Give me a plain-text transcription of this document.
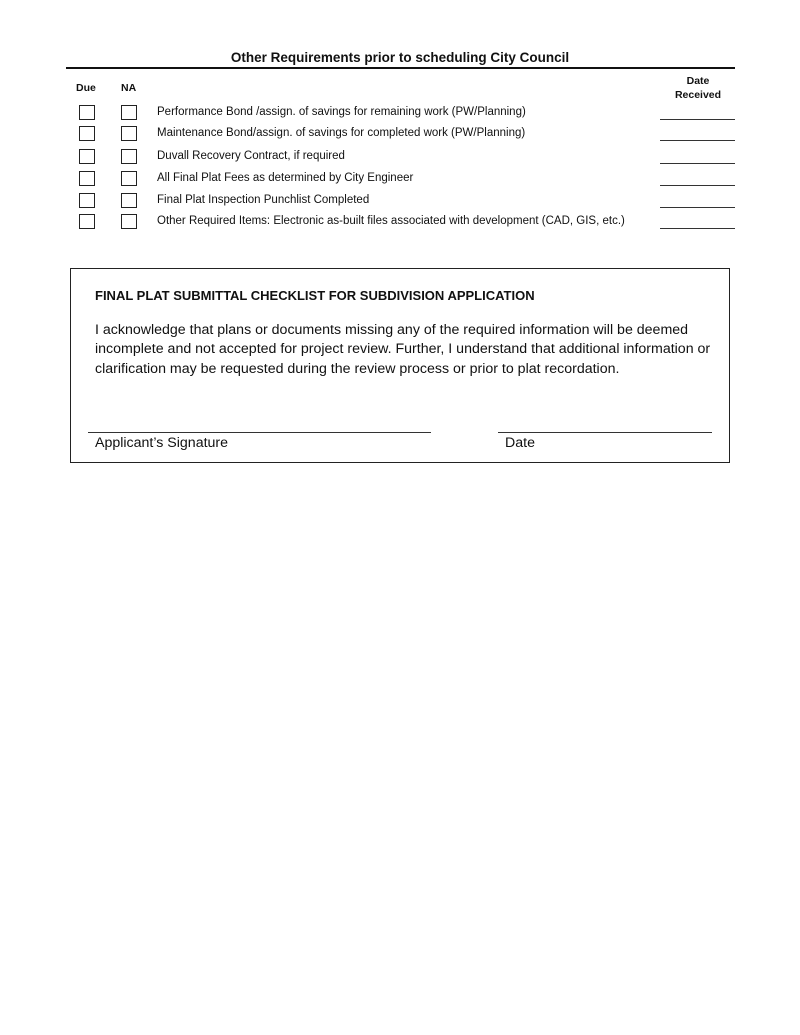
Other Requirements prior to scheduling City Council
Due NA
Date
Received
Performance Bond /assign. of savings for remaining work (PW/Planning)
Maintenance Bond/assign. of savings for completed work (PW/Planning)
Duvall Recovery Contract, if required
All Final Plat Fees as determined by City Engineer
Final Plat Inspection Punchlist Completed
Other Required Items: Electronic as-built files associated with development (CAD, GIS, etc.)
FINAL PLAT SUBMITTAL CHECKLIST FOR SUBDIVISION APPLICATION

I acknowledge that plans or documents missing any of the required information will be deemed incomplete and not accepted for project review. Further, I understand that additional information or clarification may be requested during the review process or prior to plat recordation.

Applicant’s Signature	Date
